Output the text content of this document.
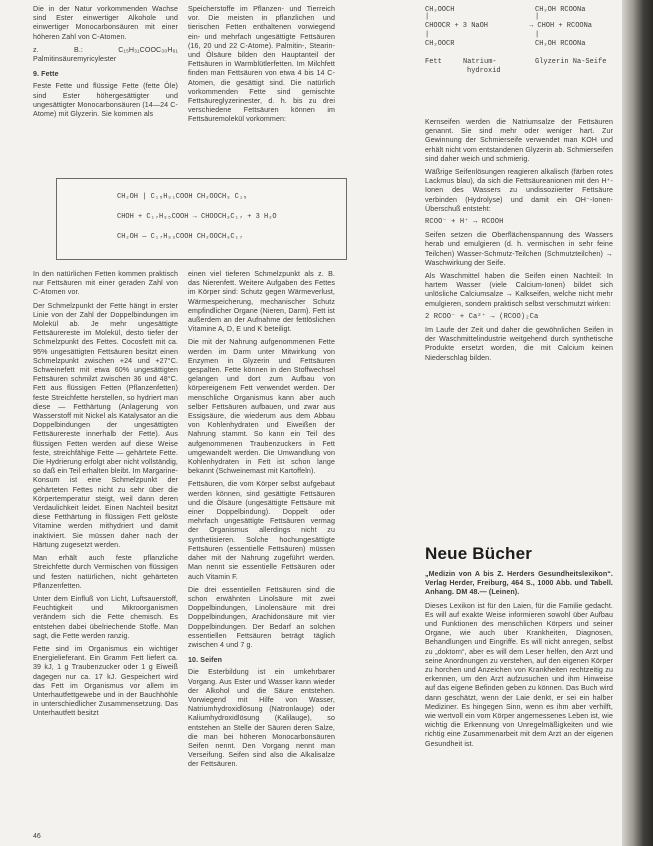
Die in der Natur vorkommenden Wachse sind Ester einwertiger Alkohole und einwertiger Monocarbonsäuren mit einer höheren Zahl von C-Atomen.

z. B.: C₁₅H₃₁COOC₃₀H₆₁ Palmitinsäuremyricylester

9. Fette

Feste Fette und flüssige Fette (fette Öle) sind Ester höhergesättigter und ungesättigter Monocarbonsäuren (14—24 C-Atome) mit Glyzerin. Sie kommen als

Speicherstoffe im Pflanzen- und Tierreich vor. Die meisten in pflanzlichen und tierischen Fetten enthaltenen vorwiegend ein- und mehrfach ungesättigte Fettsäuren (16, 20 und 22 C-Atome). Palmitin-, Stearin- und Ölsäure bilden den Hauptanteil der Fettsäuren in Warmblütlerfetten. Im Milchfett finden man Fettsäuren von etwa 4 bis 14 C-Atomen, die gesättigt sind. Die natürlich vorkommenden Fette sind gemischte Fettsäureglyzerinester, d. h. bis zu drei verschiedene Fettsäuren können im Fettsäuremolekül vorkommen:

CH₂OH | C₁₅H₃₁COOH CH₂OOCH₃ C₁₅
CHOH + C₁₇H₃₅COOH → CHOOCH₃C₁₇ + 3 H₂O
CH₂OH — C₁₇H₃₃COOH CH₂OOCH₃C₁₇

In den natürlichen Fetten kommen praktisch nur Fettsäuren mit einer geraden Zahl von C-Atomen vor.

Der Schmelzpunkt der Fette hängt in erster Linie von der Zahl der Doppelbindungen im Molekül ab. Je mehr ungesättigte Fettsäurereste im Molekül, desto tiefer der Schmelzpunkt des Fettes. Cocosfett mit ca. 95% ungesättigten Fettsäuren besitzt einen Schmelzpunkt zwischen +24 und +27°C. Schweinefett mit etwa 60% ungesättigten Fettsäuren schmilzt zwischen 36 und 48°C. Fett aus flüssigen Fetten (Pflanzenfetten) feste Streichfette herstellen, so hydriert man diese — Fetthärtung (Anlagerung von Wasserstoff mit Nickel als Katalysator an die Doppelbindungen der ungesättigten Fettsäurereste innerhalb der Fette). Aus flüssigen Fetten werden auf diese Weise feste, streichfähige Fette — gehärtete Fette. Die Hydrierung erfolgt aber nicht vollständig, so daß ein Teil erhalten bleibt. Im Margarine-Konsum ist eine Schmelzpunkt der gehärteten Fettes nicht zu sehr über die Körpertemperatur steigt, weil dann deren Verdaulichkeit leidet. Einen Nachteil besitzt diese Fetthärtung in flüssigen Fett gelöste Vitamine werden mithydriert und damit inaktiviert. Sie müssen daher nach der Härtung zugesetzt werden.

Man erhält auch feste pflanzliche Streichfette durch Vermischen von flüssigen und festen natürlichen, nicht gehärteten Pflanzenfetten.

Unter dem Einfluß von Licht, Luftsauerstoff, Feuchtigkeit und Mikroorganismen verändern sich die Fette chemisch. Es entstehen dabei übelriechende Stoffe. Man sagt, die Fette werden ranzig.

Fette sind im Organismus ein wichtiger Energielieferant. Ein Gramm Fett liefert ca. 39 kJ, 1 g Traubenzucker oder 1 g Eiweiß dagegen nur ca. 17 kJ. Gespeichert wird das Fett im Organismus vor allem im Unterhautfettgewebe und in der Bauchhöhle in unterschiedlicher Zusammensetzung. Das Unterhautfett besitzt

einen viel tieferen Schmelzpunkt als z. B. das Nierenfett. Weitere Aufgaben des Fettes im Körper sind: Schutz gegen Wärmeverlust, Wärmespeicherung, mechanischer Schutz empfindlicher Organe (Nieren, Darm). Fett ist außerdem an der Aufnahme der fettlöslichen Vitamine A, D, E und K beteiligt.

Die mit der Nahrung aufgenommenen Fette werden im Darm unter Mitwirkung von Enzymen in Glyzerin und Fettsäuren gespalten. Fette können in den Stoffwechsel gelangen und dort zum Aufbau von körpereigenem Fett verwendet werden. Der menschliche Organismus kann aber auch selber Fettsäuren aufbauen, und zwar aus Essigsäure, die wiederum aus dem Abbau von Kohlenhydraten und Eiweißen der Nahrung stammt. So kann ein Teil des aufgenommenen Traubenzuckers in Fett umgewandelt werden. Die Umwandlung von Kohlenhydraten in Fett ist schon lange bekannt (Schweinemast mit Kartoffeln).

Fettsäuren, die vom Körper selbst aufgebaut werden können, sind gesättigte Fettsäuren und die Ölsäure (ungesättigte Fettsäure mit einer Doppelbindung). Doppelt oder mehrfach ungesättigte Fettsäuren vermag der Organismus allerdings nicht zu synthetisieren. Solche hochungesättigte Fettsäuren (essentielle Fettsäuren) müssen daher mit der Nahrung zugeführt werden. Man nennt sie essentielle Fettsäuren oder auch Vitamin F.

Die drei essentiellen Fettsäuren sind die schon erwähnten Linolsäure mit zwei Doppelbindungen, Linolensäure mit drei Doppelbindungen, Arachidonsäure mit vier Doppelbindungen. Der Bedarf an solchen essentiellen Fettsäuren beträgt täglich zwischen 4 und 7 g.

10. Seifen

Die Esterbildung ist ein umkehrbarer Vorgang. Aus Ester und Wasser kann wieder der Alkohol und die Säure entstehen. Vorwiegend mit Hilfe von Wasser, Natriumhydroxidlösung (Natronlauge) oder Kaliumhydroxidlösung (Kalilauge), so entstehen an Stelle der Säuren deren Salze, die man bei höheren Monocarbonsäuren Seifen nennt. Den Vorgang nennt man Verseifung. Seifen sind also die Alkalisalze der Fettsäuren.

CH₂OOCH	CH₂OH RCOONa
|	|
CHOOCR + 3 NaOH	→ CHOH + RCOONa
|	|
CH₂OOCR	CH₂OH RCOONa
Fett	Natrium-
hydroxid
Glyzerin Na-Seife

Kernseifen werden die Natriumsalze der Fettsäuren genannt. Sie sind mehr oder weniger hart. Zur Gewinnung der Schmierseife verwendet man KOH und erhält nicht vom entstandenen Glyzerin ab. Schmierseifen sind daher weich und schmierig.

Wäßrige Seifenlösungen reagieren alkalisch (färben rotes Lackmus blau), da sich die Fettsäureanionen mit den H⁺-Ionen des Wassers zu undissoziierter Fettsäure verbinden (Hydrolyse) und damit ein OH⁻-Ionen-Überschuß entsteht:

RCOO⁻ + H⁺ → RCOOH

Seifen setzen die Oberflächenspannung des Wassers herab und emulgieren (d. h. vermischen in sehr feine Teilchen) Wasser-Schmutz-Teilchen (Schmutzteilchen) → Waschwirkung der Seife.

Als Waschmittel haben die Seifen einen Nachteil: In hartem Wasser (viele Calcium-Ionen) bildet sich unlösliche Calciumsalze → Kalkseifen, welche nicht mehr emulgieren, sondern praktisch selbst verschmutzt wirken:

2 RCOO⁻ + Ca²⁺ → (RCOO)₂Ca

Im Laufe der Zeit und daher die gewöhnlichen Seifen in der Waschmittelindustrie weitgehend durch synthetische Produkte ersetzt worden, die mit Calcium keinen Niederschlag bilden.

Neue Bücher

„Medizin von A bis Z. Herders Gesundheitslexikon“. Verlag Herder, Freiburg, 464 S., 1000 Abb. und Tabell. Anhang. DM 48.— (Leinen).

Dieses Lexikon ist für den Laien, für die Familie gedacht. Es will auf exakte Weise informieren sowohl über Aufbau und Funktionen des menschlichen Körpers und seiner Organe, wie auch über Krankheiten, Diagnosen, Behandlungen und Eingriffe. Es will nicht anregen, selbst zu „doktorn“, aber es will dem Leser helfen, den Arzt und seine Anordnungen zu verstehen, auf den eigenen Körper zu horchen und Anzeichen von Krankheiten rechtzeitig zu erkennen, um den Arzt aufzusuchen und ihm Hinweise auf das eigene Befinden geben zu können. Das Buch wird dann geschätzt, wenn der Laie denkt, er sei ein halber Mediziner. Es hingegen Sinn, wenn es ihm aber verhilft, wie wertvoll ein vom Körper angemessenes Leben ist, wie wichtig die Erkennung von Unregelmäßigkeiten und wie richtig eine Zusammenarbeit mit dem Arzt an der eigenen Gesundheit ist.

46
